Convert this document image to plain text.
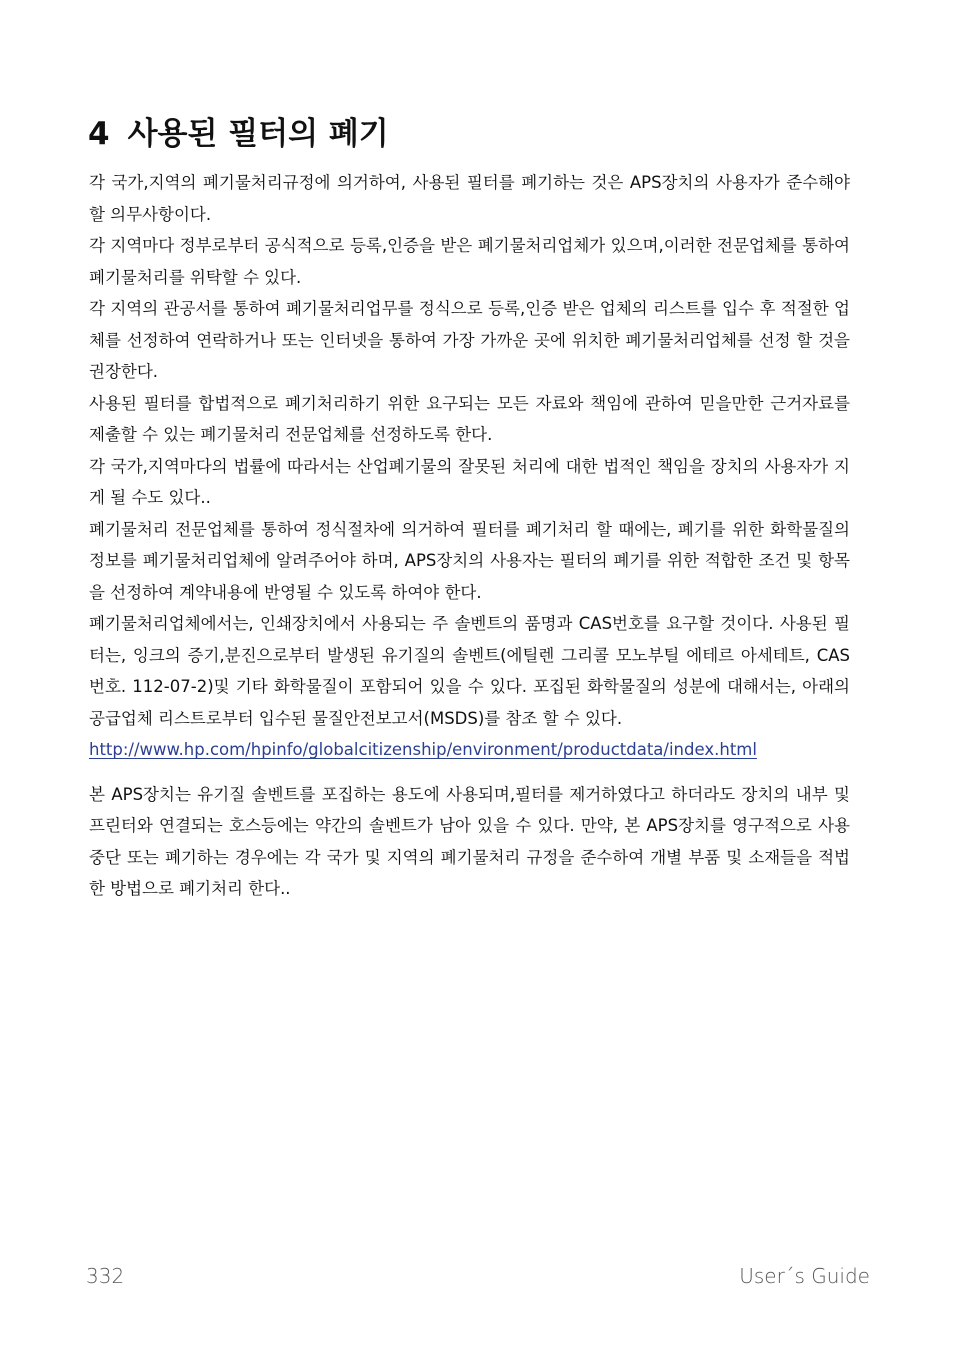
4 사용된 필터의 폐기

각 국가,지역의 폐기물처리규정에 의거하여, 사용된 필터를 폐기하는 것은 APS장치의 사용자가 준수해야 할 의무사항이다.

각 지역마다 정부로부터 공식적으로 등록,인증을 받은 폐기물처리업체가 있으며,이러한 전문업체를 통하여 폐기물처리를 위탁할 수 있다.

각 지역의 관공서를 통하여 폐기물처리업무를 정식으로 등록,인증 받은 업체의 리스트를 입수 후 적절한 업체를 선정하여 연락하거나 또는 인터넷을 통하여 가장 가까운 곳에 위치한 폐기물처리업체를 선정 할 것을 권장한다.

사용된 필터를 합법적으로 폐기처리하기 위한 요구되는 모든 자료와 책임에 관하여 믿을만한 근거자료를 제출할 수 있는 폐기물처리 전문업체를 선정하도록 한다.

각 국가,지역마다의 법률에 따라서는 산업폐기물의 잘못된 처리에 대한 법적인 책임을 장치의 사용자가 지게 될 수도 있다..

폐기물처리 전문업체를 통하여 정식절차에 의거하여 필터를 폐기처리 할 때에는, 폐기를 위한 화학물질의 정보를 폐기물처리업체에 알려주어야 하며, APS장치의 사용자는 필터의 폐기를 위한 적합한 조건 및 항목을 선정하여 계약내용에 반영될 수 있도록 하여야 한다.

폐기물처리업체에서는, 인쇄장치에서 사용되는 주 솔벤트의 품명과 CAS번호를 요구할 것이다. 사용된 필터는, 잉크의 증기,분진으로부터 발생된 유기질의 솔벤트(에틸렌 그리콜 모노부틸 에테르 아세테트, CAS번호. 112-07-2)및 기타 화학물질이 포함되어 있을 수 있다. 포집된 화학물질의 성분에 대해서는, 아래의 공급업체 리스트로부터 입수된 물질안전보고서(MSDS)를 참조 할 수 있다.

http://www.hp.com/hpinfo/globalcitizenship/environment/productdata/index.html

본 APS장치는 유기질 솔벤트를 포집하는 용도에 사용되며,필터를 제거하였다고 하더라도 장치의 내부 및 프린터와 연결되는 호스등에는 약간의 솔벤트가 남아 있을 수 있다. 만약, 본 APS장치를 영구적으로 사용중단 또는 폐기하는 경우에는 각 국가 및 지역의 폐기물처리 규정을 준수하여 개별 부품 및 소재들을 적법한 방법으로 폐기처리 한다..

332	User´s Guide
